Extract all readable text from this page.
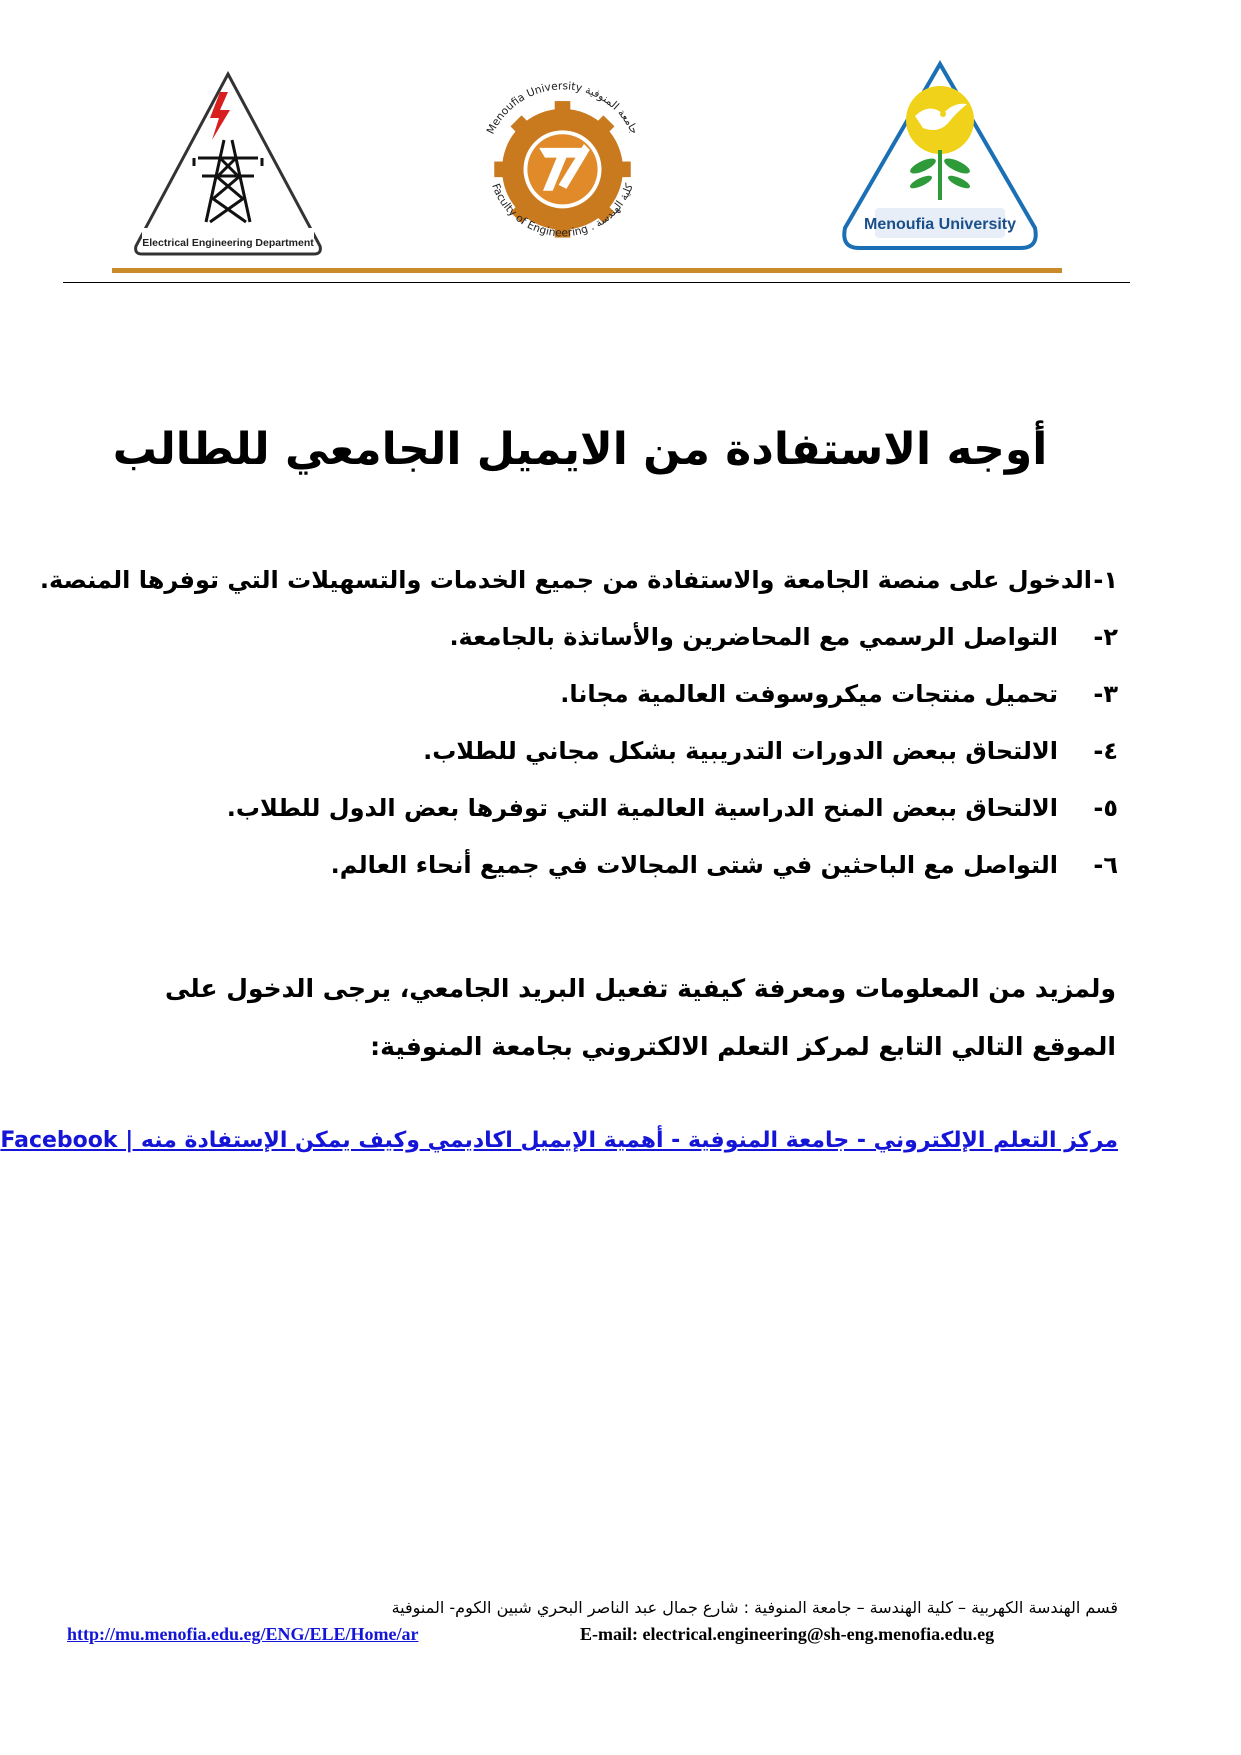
Electrical Engineering Department
Menoufia University جامعة المنوفية
Faculty of Engineering . كلية الهندسة
Menoufia University
أوجه الاستفادة من الايميل الجامعي للطالب
١-
الدخول على منصة الجامعة والاستفادة من جميع الخدمات والتسهيلات التي توفرها المنصة.
٢-
التواصل الرسمي مع المحاضرين والأساتذة بالجامعة.
٣-
تحميل منتجات ميكروسوفت العالمية مجانا.
٤-
الالتحاق ببعض الدورات التدريبية بشكل مجاني للطلاب.
٥-
الالتحاق ببعض المنح الدراسية العالمية التي توفرها بعض الدول للطلاب.
٦-
التواصل مع الباحثين في شتى المجالات في جميع أنحاء العالم.
ولمزيد من المعلومات ومعرفة كيفية تفعيل البريد الجامعي، يرجى الدخول على الموقع التالي التابع لمركز التعلم الالكتروني بجامعة المنوفية:
مركز التعلم الإلكتروني - جامعة المنوفية - أهمية الإيميل اكاديمي وكيف يمكن الإستفادة منه | Facebook
قسم الهندسة الكهربية – كلية الهندسة – جامعة المنوفية : شارع جمال عبد الناصر البحري شبين الكوم- المنوفية
http://mu.menofia.edu.eg/ENG/ELE/Home/ar	E-mail: electrical.engineering@sh-eng.menofia.edu.eg
